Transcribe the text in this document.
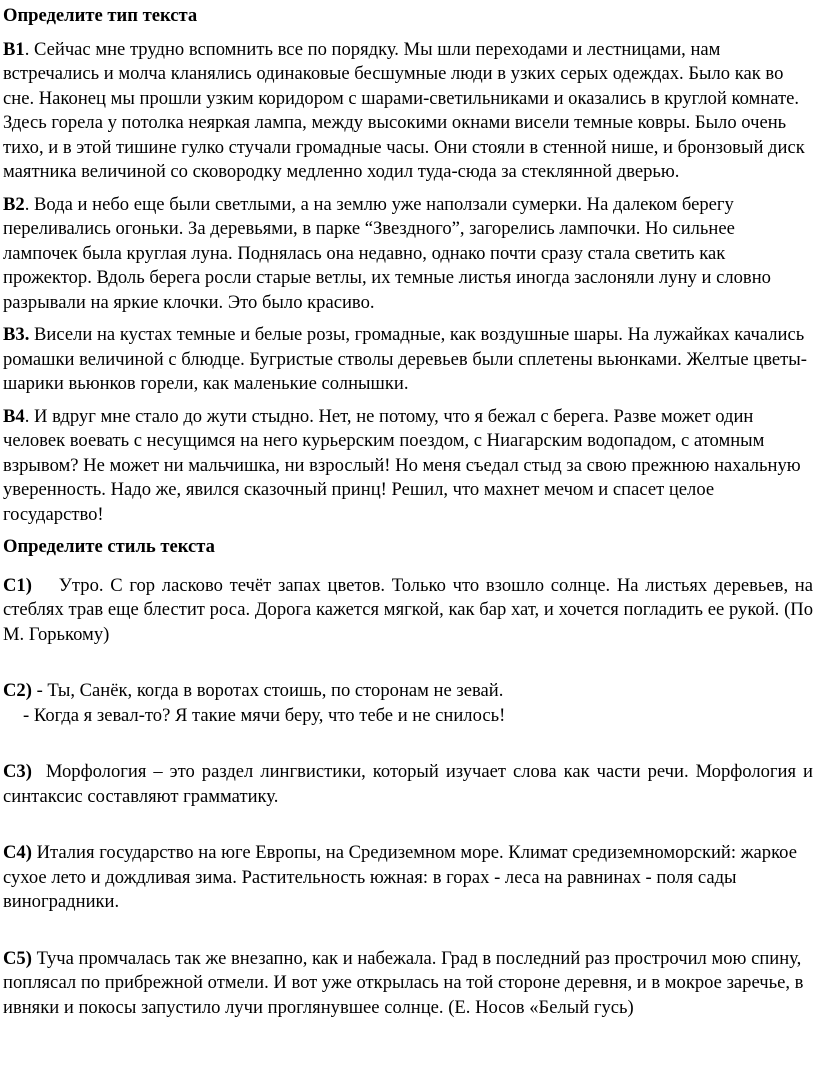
Определите тип текста
В1. Сейчас мне трудно вспомнить все по порядку. Мы шли переходами и лестницами, нам встречались и молча кланялись одинаковые бесшумные люди в узких серых одеждах. Было как во сне. Наконец мы прошли узким коридором с шарами-светильниками и оказались в круглой комнате. Здесь горела у потолка неяркая лампа, между высокими окнами висели темные ковры. Было очень тихо, и в этой тишине гулко стучали громадные часы. Они стояли в стенной нише, и бронзовый диск маятника величиной со сковородку медленно ходил туда-сюда за стеклянной дверью.
В2. Вода и небо еще были светлыми, а на землю уже наползали сумерки. На далеком берегу переливались огоньки. За деревьями, в парке “Звездного”, загорелись лампочки. Но сильнее лампочек была круглая луна. Поднялась она недавно, однако почти сразу стала светить как прожектор. Вдоль берега росли старые ветлы, их темные листья иногда заслоняли луну и словно разрывали на яркие клочки. Это было красиво.
В3. Висели на кустах темные и белые розы, громадные, как воздушные шары. На лужайках качались ромашки величиной с блюдце. Бугристые стволы деревьев были сплетены вьюнками. Желтые цветы-шарики вьюнков горели, как маленькие солнышки.
В4. И вдруг мне стало до жути стыдно. Нет, не потому, что я бежал с берега. Разве может один человек воевать с несущимся на него курьерским поездом, с Ниагарским водопадом, с атомным взрывом? Не может ни мальчишка, ни взрослый! Но меня съедал стыд за свою прежнюю нахальную уверенность. Надо же, явился сказочный принц! Решил, что махнет мечом и спасет целое государство!
Определите стиль текста
С1) Утро. С гор ласково течёт запах цветов. Только что взошло солнце. На листьях деревьев, на стеблях трав еще блестит роса. Дорога кажется мягкой, как бар хат, и хочется погладить ее рукой. (По М. Горькому)
С2) - Ты, Санёк, когда в воротах стоишь, по сторонам не зевай.
- Когда я зевал-то? Я такие мячи беру, что тебе и не снилось!
С3) Морфология – это раздел лингвистики, который изучает слова как части речи. Морфология и синтаксис составляют грамматику.
С4) Италия государство на юге Европы, на Средиземном море. Климат средиземноморский: жаркое сухое лето и дождливая зима. Растительность южная: в горах - леса на равнинах - поля сады виноградники.
С5) Туча промчалась так же внезапно, как и набежала. Град в последний раз прострочил мою спину, поплясал по прибрежной отмели. И вот уже открылась на той стороне деревня, и в мокрое заречье, в ивняки и покосы запустило лучи проглянувшее солнце. (Е. Носов «Белый гусь)
